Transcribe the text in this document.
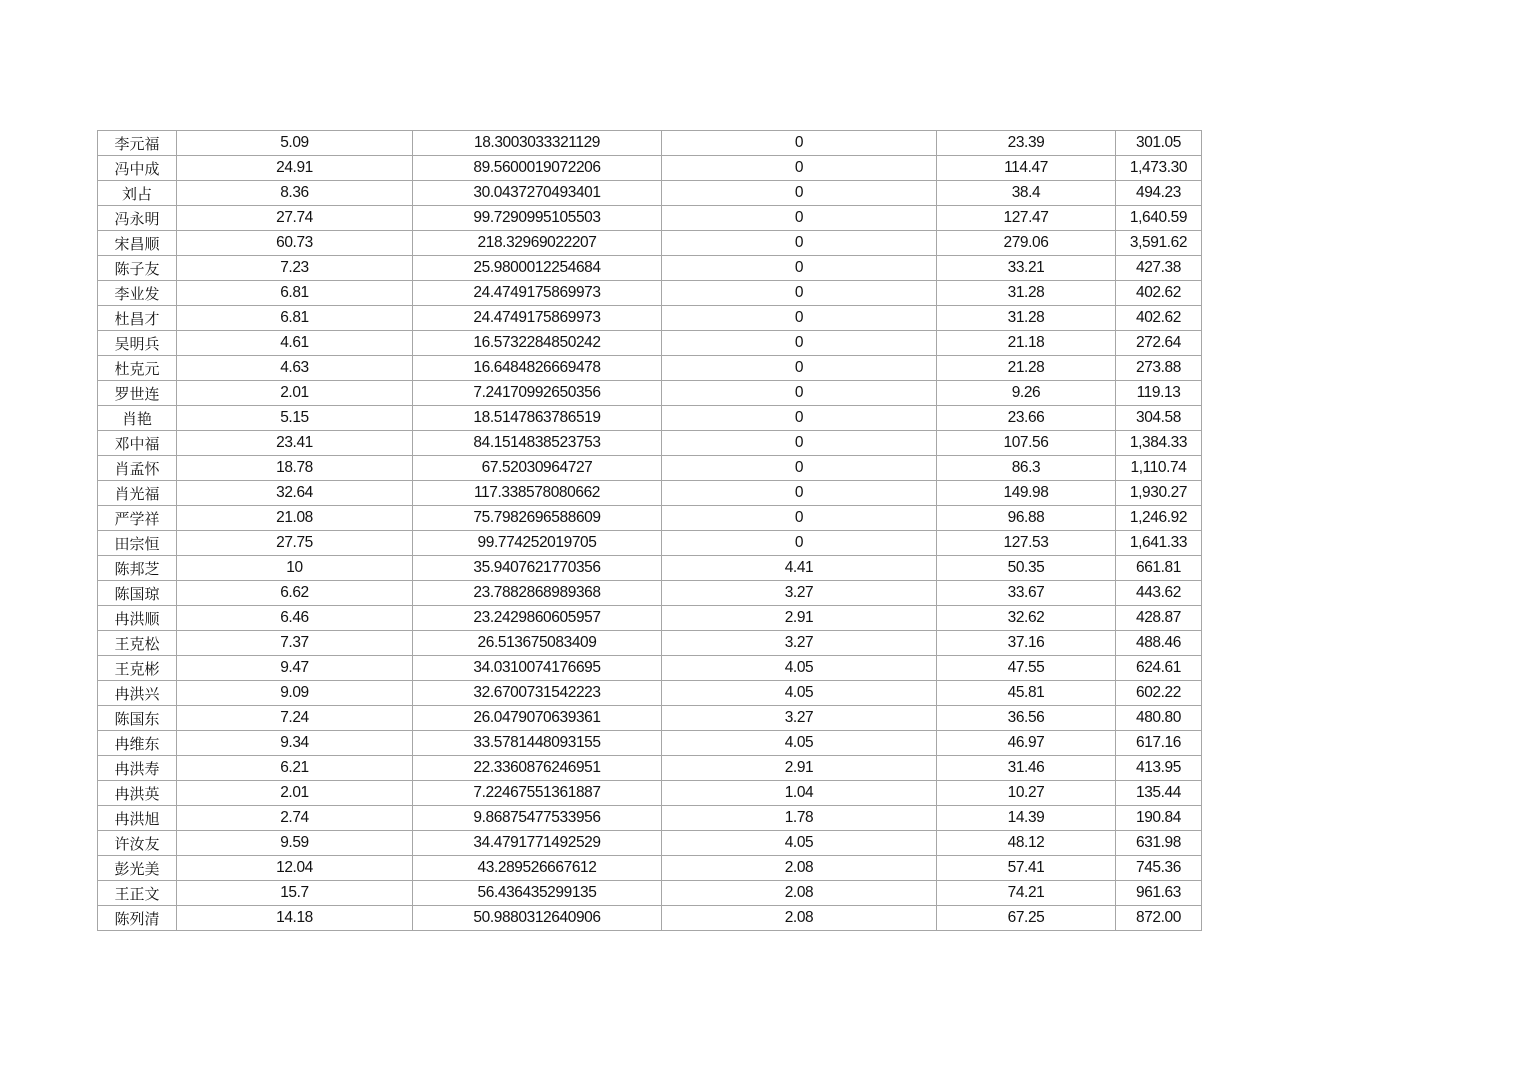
李元福	5.09	18.3003033321129	0	23.39	301.05
冯中成	24.91	89.5600019072206	0	114.47	1,473.30
刘占	8.36	30.0437270493401	0	38.4	494.23
冯永明	27.74	99.7290995105503	0	127.47	1,640.59
宋昌顺	60.73	218.32969022207	0	279.06	3,591.62
陈子友	7.23	25.9800012254684	0	33.21	427.38
李业发	6.81	24.4749175869973	0	31.28	402.62
杜昌才	6.81	24.4749175869973	0	31.28	402.62
吴明兵	4.61	16.5732284850242	0	21.18	272.64
杜克元	4.63	16.6484826669478	0	21.28	273.88
罗世连	2.01	7.24170992650356	0	9.26	119.13
肖艳	5.15	18.5147863786519	0	23.66	304.58
邓中福	23.41	84.1514838523753	0	107.56	1,384.33
肖孟怀	18.78	67.52030964727	0	86.3	1,110.74
肖光福	32.64	117.338578080662	0	149.98	1,930.27
严学祥	21.08	75.7982696588609	0	96.88	1,246.92
田宗恒	27.75	99.774252019705	0	127.53	1,641.33
陈邦芝	10	35.9407621770356	4.41	50.35	661.81
陈国琼	6.62	23.7882868989368	3.27	33.67	443.62
冉洪顺	6.46	23.2429860605957	2.91	32.62	428.87
王克松	7.37	26.513675083409	3.27	37.16	488.46
王克彬	9.47	34.0310074176695	4.05	47.55	624.61
冉洪兴	9.09	32.6700731542223	4.05	45.81	602.22
陈国东	7.24	26.0479070639361	3.27	36.56	480.80
冉维东	9.34	33.5781448093155	4.05	46.97	617.16
冉洪寿	6.21	22.3360876246951	2.91	31.46	413.95
冉洪英	2.01	7.22467551361887	1.04	10.27	135.44
冉洪旭	2.74	9.86875477533956	1.78	14.39	190.84
许汝友	9.59	34.4791771492529	4.05	48.12	631.98
彭光美	12.04	43.289526667612	2.08	57.41	745.36
王正文	15.7	56.436435299135	2.08	74.21	961.63
陈列清	14.18	50.9880312640906	2.08	67.25	872.00
